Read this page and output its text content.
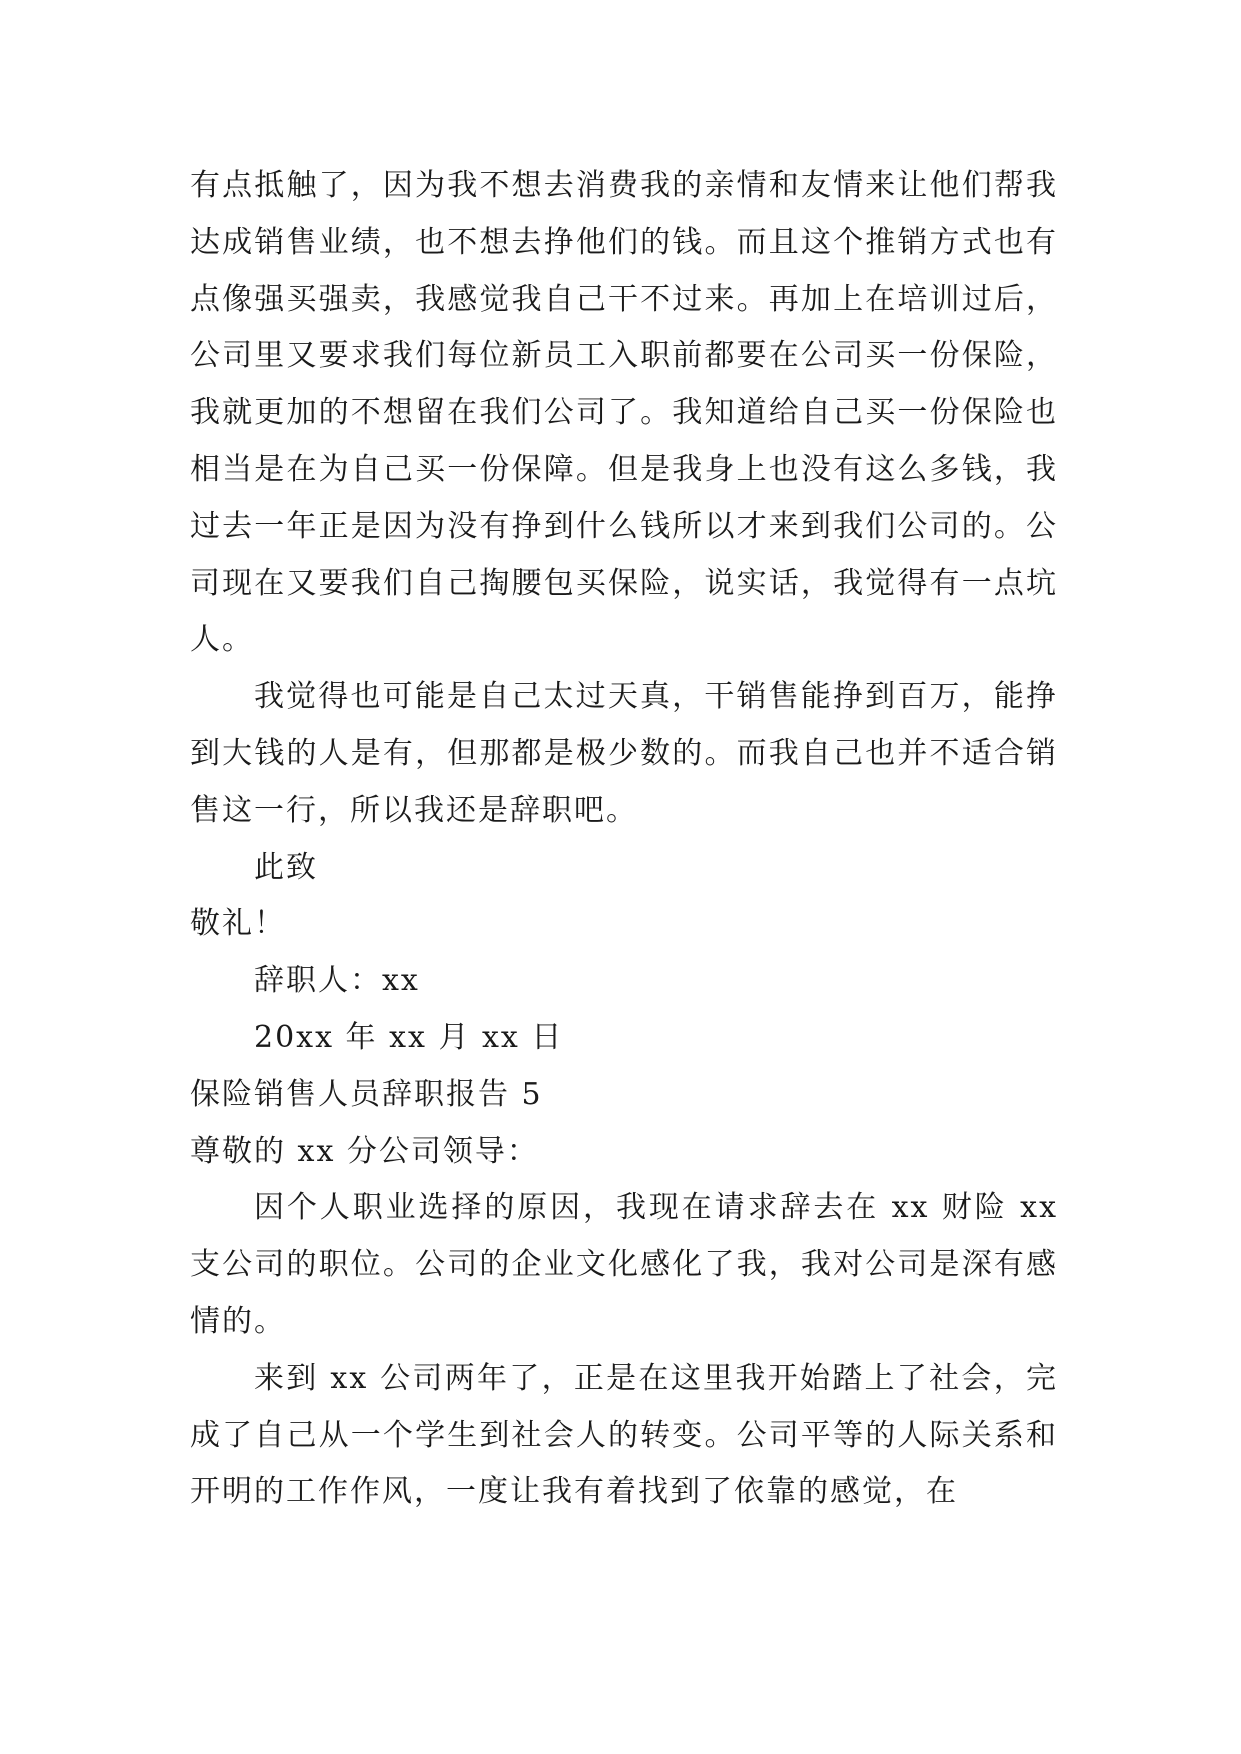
有点抵触了，因为我不想去消费我的亲情和友情来让他们帮我达成销售业绩，也不想去挣他们的钱。而且这个推销方式也有点像强买强卖，我感觉我自己干不过来。再加上在培训过后，公司里又要求我们每位新员工入职前都要在公司买一份保险，我就更加的不想留在我们公司了。我知道给自己买一份保险也相当是在为自己买一份保障。但是我身上也没有这么多钱，我过去一年正是因为没有挣到什么钱所以才来到我们公司的。公司现在又要我们自己掏腰包买保险，说实话，我觉得有一点坑人。

我觉得也可能是自己太过天真，干销售能挣到百万，能挣到大钱的人是有，但那都是极少数的。而我自己也并不适合销售这一行，所以我还是辞职吧。

此致

敬礼！

辞职人：xx

20xx 年 xx 月 xx 日

保险销售人员辞职报告 5

尊敬的 xx 分公司领导：

因个人职业选择的原因，我现在请求辞去在 xx 财险 xx 支公司的职位。公司的企业文化感化了我，我对公司是深有感情的。

来到 xx 公司两年了，正是在这里我开始踏上了社会，完成了自己从一个学生到社会人的转变。公司平等的人际关系和开明的工作作风，一度让我有着找到了依靠的感觉，在
